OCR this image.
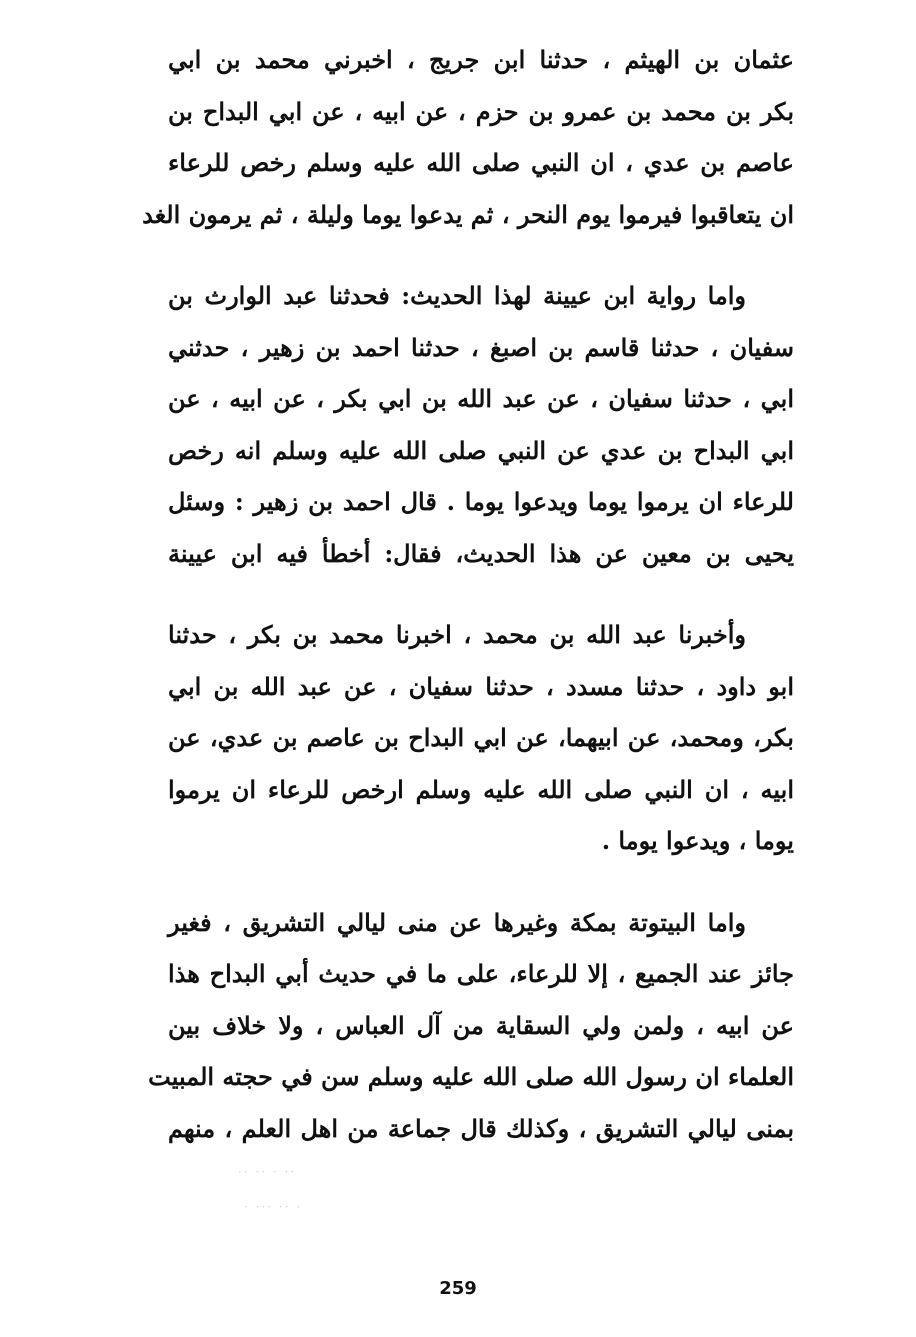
عثمان بن الهيثم ، حدثنا ابن جريج ، اخبرني محمد بن ابي
بكر بن محمد بن عمرو بن حزم ، عن ابيه ، عن ابي البداح بن
عاصم بن عدي ، ان النبي صلى الله عليه وسلم رخص للرعاء
ان يتعاقبوا فيرموا يوم النحر ، ثم يدعوا يوما وليلة ، ثم يرمون الغد
واما رواية ابن عيينة لهذا الحديث: فحدثنا عبد الوارث بن
سفيان ، حدثنا قاسم بن اصبغ ، حدثنا احمد بن زهير ، حدثني
ابي ، حدثنا سفيان ، عن عبد الله بن ابي بكر ، عن ابيه ، عن
ابي البداح بن عدي عن النبي صلى الله عليه وسلم انه رخص
للرعاء ان يرموا يوما ويدعوا يوما . قال احمد بن زهير : وسئل
يحيى بن معين عن هذا الحديث، فقال: أخطأ فيه ابن عيينة
وأخبرنا عبد الله بن محمد ، اخبرنا محمد بن بكر ، حدثنا
ابو داود ، حدثنا مسدد ، حدثنا سفيان ، عن عبد الله بن ابي
بكر، ومحمد، عن ابيهما، عن ابي البداح بن عاصم بن عدي، عن
ابيه ، ان النبي صلى الله عليه وسلم ارخص للرعاء ان يرموا
يوما ، ويدعوا يوما .
واما البيتوتة بمكة وغيرها عن منى ليالي التشريق ، فغير
جائز عند الجميع ، إلا للرعاء، على ما في حديث أبي البداح هذا
عن ابيه ، ولمن ولي السقاية من آل العباس ، ولا خلاف بين
العلماء ان رسول الله صلى الله عليه وسلم سن في حجته المبيت
بمنى ليالي التشريق ، وكذلك قال جماعة من اهل العلم ، منهم
·· ·· · ··
· ··· ·· ·
259
